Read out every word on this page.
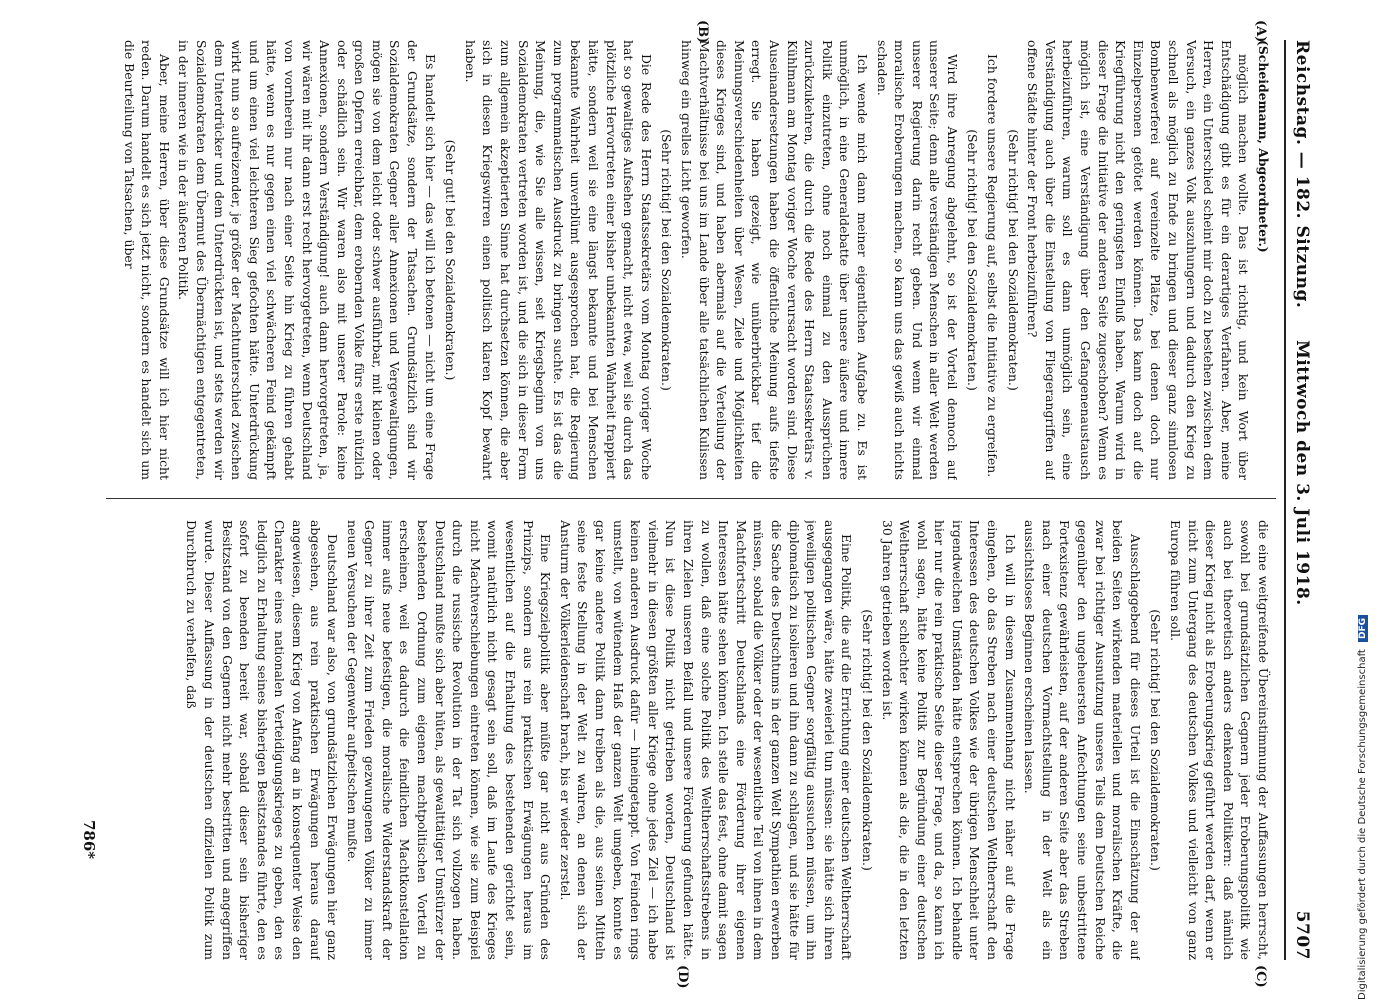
Reichstag. — 182. Sitzung.
Mittwoch den 3. Juli 1918.
5707
(A)
(B)
(C)
(D)

(Scheidemann, Abgeordneter.)

möglich machen wollte. Das ist richtig, und kein Wort über Entschädigung gibt es für ein derartiges Verfahren. Aber, meine Herren, ein Unterschied scheint mir doch zu bestehen zwischen dem Versuch, ein ganzes Volk auszuhungern und dadurch den Krieg zu schnell als möglich zu Ende zu bringen und dieser ganz sinnlosen Bombenwerferei auf vereinzelte Plätze, bei denen doch nur Einzelpersonen getötet werden können. Das kann doch auf die Kriegführung nicht den geringsten Einfluß haben. Warum wird in dieser Frage die Initiative der anderen Seite zugeschoben? Wenn es möglich ist, eine Verständigung über den Gefangenenaustausch herbeizuführen, warum soll es dann unmöglich sein, eine Verständigung auch über die Einstellung von Fliegerangriffen auf offene Städte hinter der Front herbeizuführen?

(Sehr richtig! bei den Sozialdemokraten.)

Ich fordere unsere Regierung auf, selbst die Initiative zu ergreifen.

(Sehr richtig! bei den Sozialdemokraten.)

Wird ihre Anregung abgelehnt, so ist der Vorteil dennoch auf unserer Seite; denn alle verständigen Menschen in aller Welt werden unserer Regierung darin recht geben. Und wenn wir einmal moralische Eroberungen machen, so kann uns das gewiß auch nichts schaden.

Ich wende mich dann meiner eigentlichen Aufgabe zu. Es ist unmöglich, in eine Generaldebatte über unsere äußere und innere Politik einzutreten, ohne noch einmal zu den Aussprüchen zurückzukehren, die durch die Rede des Herrn Staatssekretärs v. Kühlmann am Montag voriger Woche verursacht worden sind. Diese Auseinandersetzungen haben die öffentliche Meinung aufs tiefste erregt. Sie haben gezeigt, wie unüberbrückbar tief die Meinungsverschiedenheiten über Wesen, Ziele und Möglichkeiten dieses Krieges sind, und haben abermals auf die Verteilung der Machtverhältnisse bei uns im Lande über alle tatsächlichen Kulissen hinweg ein grelles Licht geworfen.

(Sehr richtig! bei den Sozialdemokraten.)

Die Rede des Herrn Staatssekretärs vom Montag voriger Woche hat so gewaltiges Aufsehen gemacht, nicht etwa, weil sie durch das plötzliche Hervortreten einer bisher unbekannten Wahrheit frappiert hätte, sondern weil sie eine längst bekannte und bei Menschen bekannte Wahrheit unverblümt ausgesprochen hat, die Regierung zum programmatischen Ausdruck zu bringen suchte. Es ist das die Meinung, die, wie Sie alle wissen, seit Kriegsbeginn von uns Sozialdemokraten vertreten worden ist, und die sich in dieser Form zum allgemein akzeptierten Sinne hat durchsetzen können, die aber sich in diesen Kriegswirren einen politisch klaren Kopf bewahrt haben.

(Sehr gut! bei den Sozialdemokraten.)

Es handelt sich hier — das will ich betonen — nicht um eine Frage der Grundsätze, sondern der Tatsachen. Grundsätzlich sind wir Sozialdemokraten Gegner aller Annexionen und Vergewaltigungen, mögen sie von dem leicht oder schwer ausführbar, mit kleinen oder großen Opfern erreichbar, dem erobernden Volke fürs erste nützlich oder schädlich sein. Wir waren also mit unserer Parole: keine Annexionen, sondern Verständigung! auch dann hervorgetreten, ja, wir wären mit ihr dann erst recht hervorgetreten, wenn Deutschland von vornherein nur nach einer Seite hin Krieg zu führen gehabt hätte, wenn es nur gegen einen viel schwächeren Feind gekämpft und um einen viel leichteren Sieg gefochten hätte. Unterdrückung wirkt nun so aufreizender, je größer der Machtunterschied zwischen dem Unterdrücker und dem Unterdrückten ist, und stets werden wir Sozialdemokraten dem Übermut des Übermächtigen entgegentreten, in der inneren wie in der äußeren Politik.

Aber, meine Herren, über diese Grundsätze will ich hier nicht reden. Darum handelt es sich jetzt nicht, sondern es handelt sich um die Beurteilung von Tatsachen, über

die eine weitgreifende Übereinstimmung der Auffassungen herrscht, sowohl bei grundsätzlichen Gegnern jeder Eroberungspolitik wie auch bei theoretisch anders denkenden Politikern: daß nämlich dieser Krieg nicht als Eroberungskrieg geführt werden darf, wenn er nicht zum Untergang des deutschen Volkes und vielleicht von ganz Europa führen soll.

(Sehr richtig! bei den Sozialdemokraten.)

Ausschlaggebend für dieses Urteil ist die Einschätzung der auf beiden Seiten wirkenden materiellen und moralischen Kräfte, die zwar bei richtiger Ausnutzung unseres Teils dem Deutschen Reiche gegenüber den ungeheuersten Anfechtungen seine unbestrittene Fortexistenz gewährleisten, auf der anderen Seite aber das Streben nach einer deutschen Vormachtstellung in der Welt als ein aussichtsloses Beginnen erscheinen lassen.

Ich will in diesem Zusammenhang nicht näher auf die Frage eingehen, ob das Streben nach einer deutschen Weltherrschaft den Interessen des deutschen Volkes wie der übrigen Menschheit unter irgendwelchen Umständen hätte entsprechen können. Ich behandle hier nur die rein praktische Seite dieser Frage, und da, so kann ich wohl sagen, hätte keine Politik zur Begründung einer deutschen Weltherrschaft schlechter wirken können als die, die in den letzten 30 Jahren getrieben worden ist.

(Sehr richtig! bei den Sozialdemokraten.)

Eine Politik, die auf die Errichtung einer deutschen Weltherrschaft ausgegangen wäre, hätte zweierlei tun müssen: sie hätte sich ihren jeweiligen politischen Gegner sorgfältig aussuchen müssen, um ihn diplomatisch zu isolieren und ihn dann zu schlagen, und sie hätte für die Sache des Deutschtums in der ganzen Welt Sympathien erwerben müssen, sobald die Völker oder der wesentliche Teil von ihnen in dem Machtfortschritt Deutschlands eine Förderung ihrer eigenen Interessen hätte sehen können. Ich stelle das fest, ohne damit sagen zu wollen, daß eine solche Politik des Weltherrschaftsstrebens in ihren Zielen unseren Beifall und unsere Förderung gefunden hätte. Nun ist diese Politik nicht getrieben worden, Deutschland ist vielmehr in diesen größten aller Kriege ohne jedes Ziel — ich habe keinen anderen Ausdruck dafür — hineingetappt. Von Feinden rings umstellt, von wütendem Haß der ganzen Welt umgeben, konnte es gar keine andere Politik dann treiben als die, aus seinen Mitteln seine feste Stellung in der Welt zu wahren, an denen sich der Ansturm der Völkerleidenschaft brach, bis er wieder zerstel.

Eine Kriegszielpolitik aber müßte gar nicht aus Gründen des Prinzips, sondern aus rein praktischen Erwägungen heraus im wesentlichen auf die Erhaltung des bestehenden gerichtet sein, womit natürlich nicht gesagt sein soll, daß im Laufe des Krieges nicht Machtverschiebungen eintreten können, wie sie zum Beispiel durch die russische Revolution in der Tat sich vollzogen haben. Deutschland mußte sich aber hüten, als gewalttätiger Umstürzer der bestehenden Ordnung zum eigenen machtpolitischen Vorteil zu erscheinen, weil es dadurch die feindlichen Machtkonstellation immer aufs neue befestigen, die moralische Widerstandskraft der Gegner zu ihrer Zeit zum Frieden gezwungenen Völker zu immer neuen Versuchen der Gegenwehr aufpeitschen mußte.

Deutschland war also, von grundsätzlichen Erwägungen hier ganz abgesehen, aus rein praktischen Erwägungen heraus darauf angewiesen, diesem Krieg von Anfang an in konsequenter Weise den Charakter eines nationalen Verteidigungskrieges zu geben, den es lediglich zu Erhaltung seines bisherigen Besitzstandes führte, den es sofort zu beenden bereit war, sobald dieser sein bisheriger Besitzstand von den Gegnern nicht mehr bestritten und angegriffen wurde. Dieser Auffassung in der deutschen offiziellen Politik zum Durchbruch zu verhelfen, daß

786*	Digitalisierung gefördert durch die Deutsche Forschungsgemeinschaft DFG
